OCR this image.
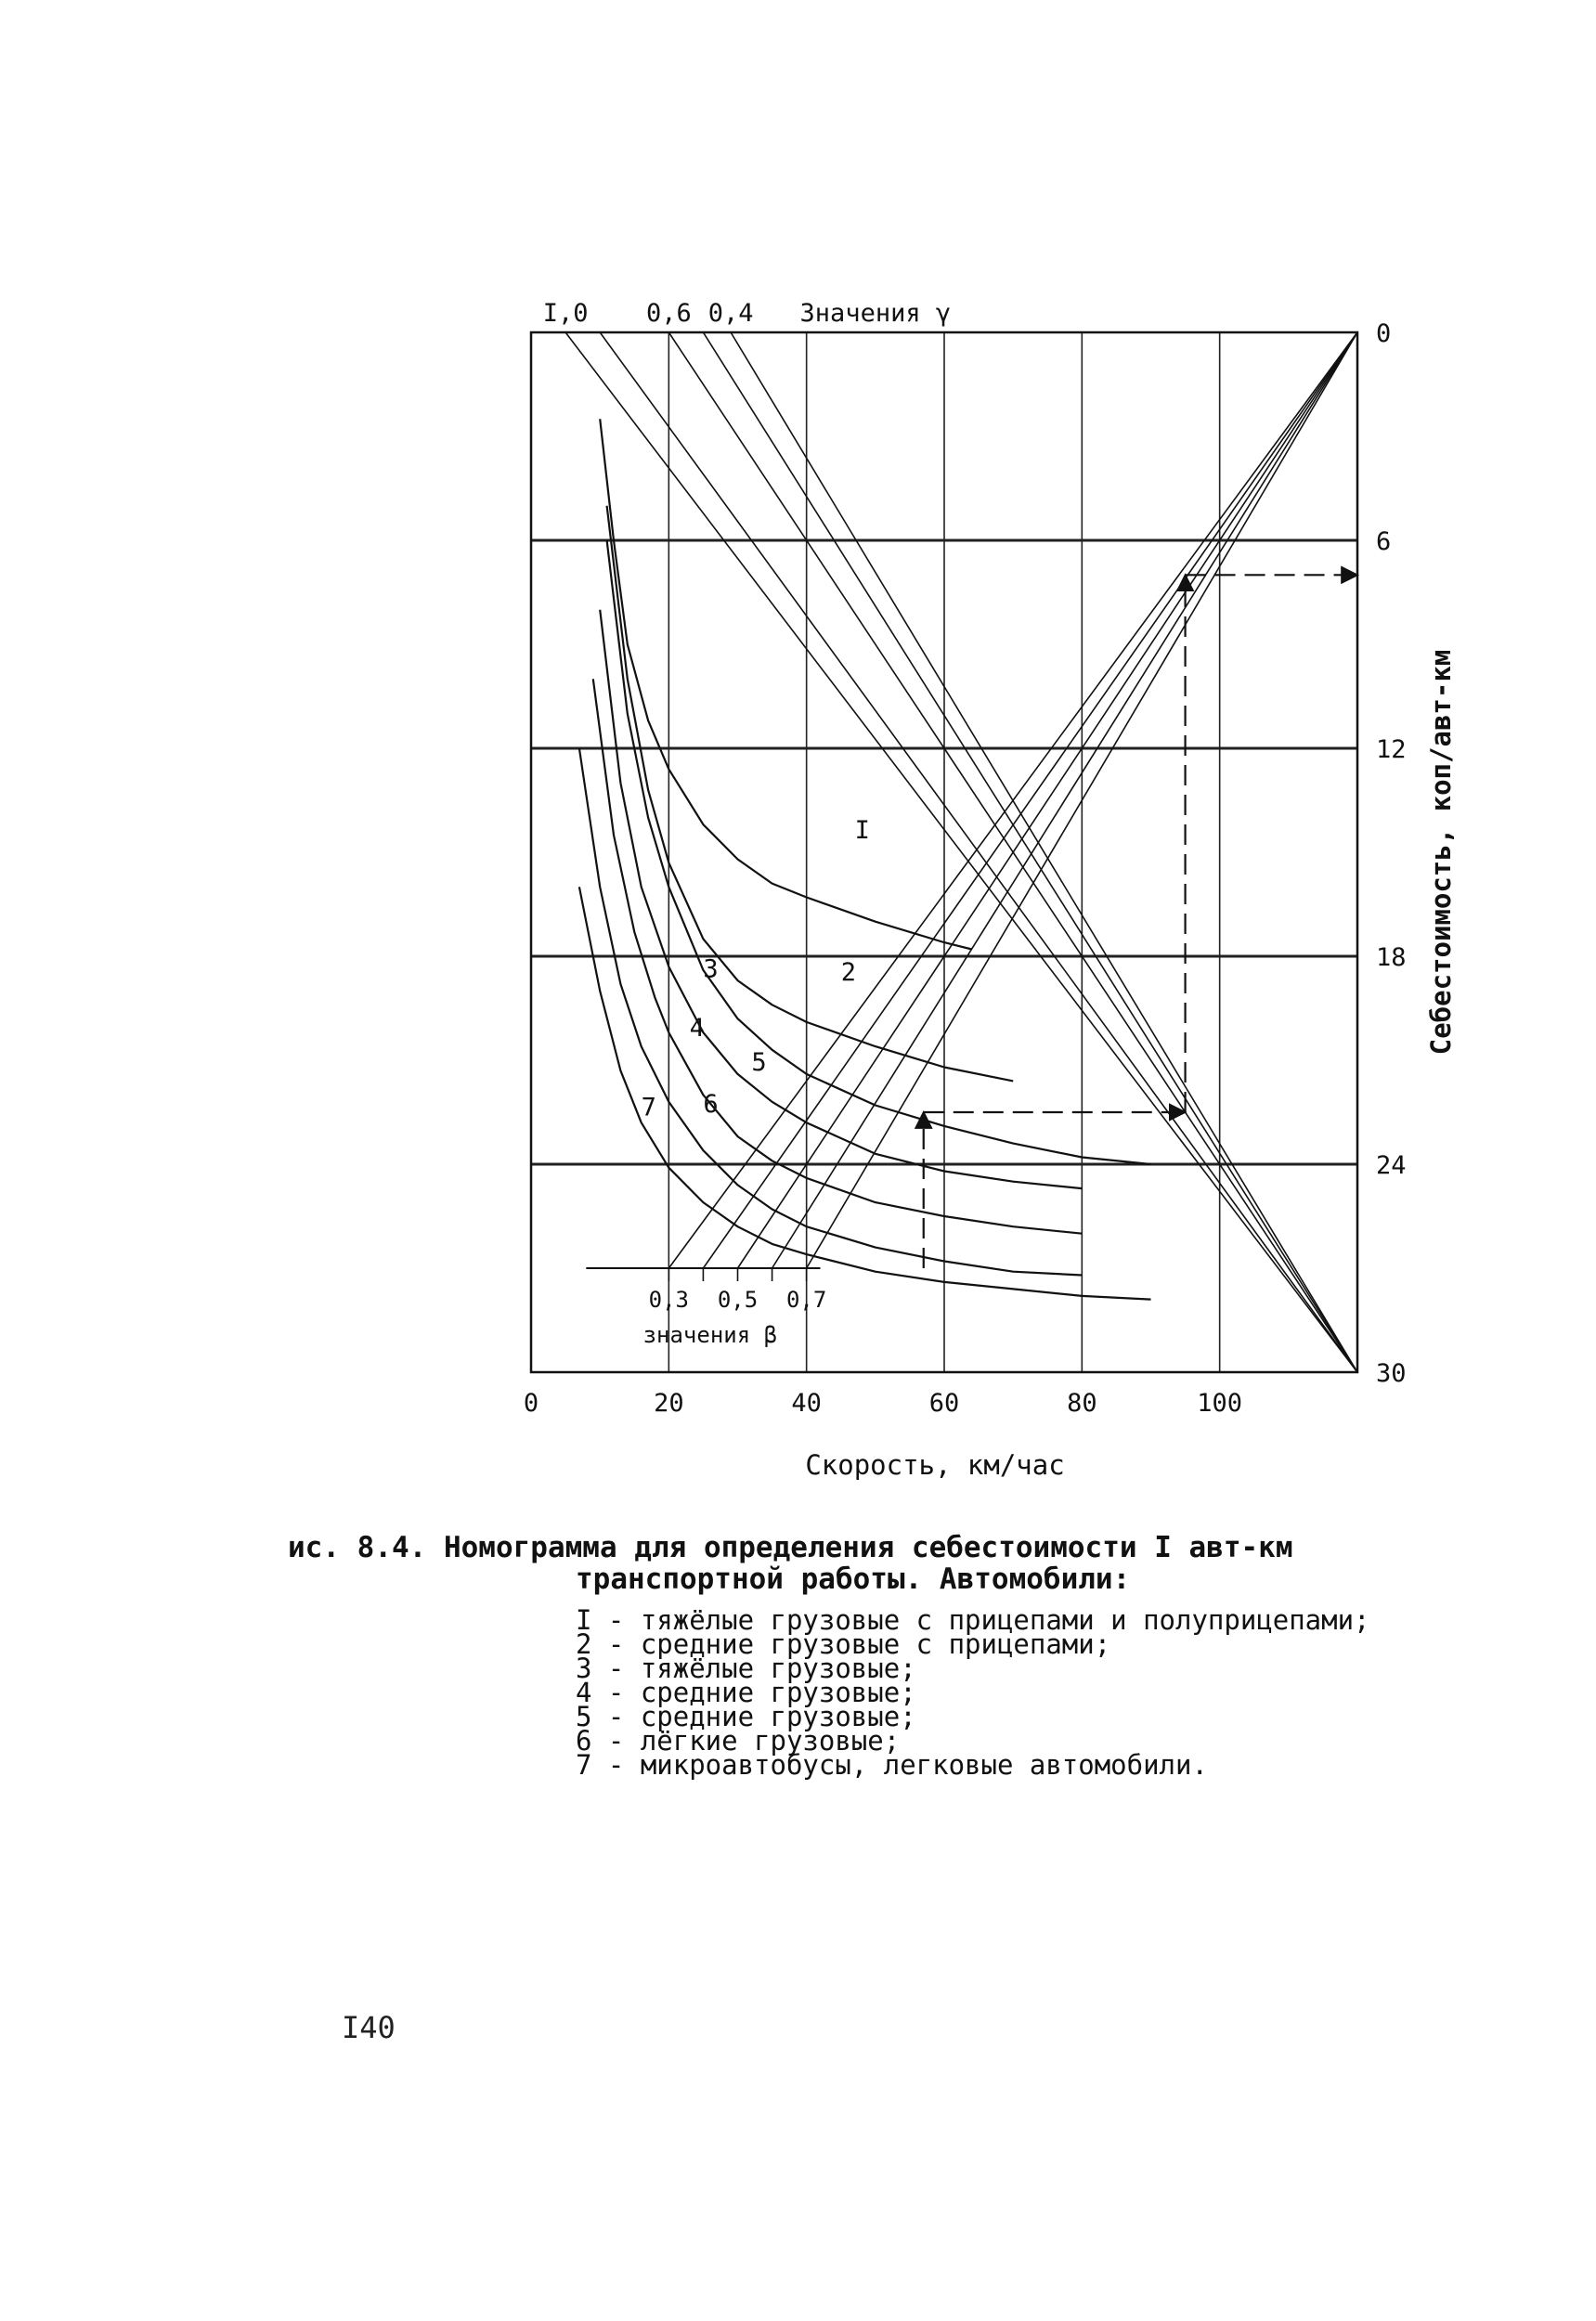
I
2
3
4
5
6
7
0	20	40	60	80	100
0
6
12
18
24
30
Скорость, км/час
Себестоимость, коп/авт-км
I,0 0,6 0,4 Значения γ
0,3 0,5 0,7
значения β
ис. 8.4. Номограмма для определения себестоимости I авт-км
транспортной работы. Автомобили:
I - тяжёлые грузовые с прицепами и полуприцепами;
2 - средние грузовые с прицепами;
3 - тяжёлые грузовые;
4 - средние грузовые;
5 - средние грузовые;
6 - лёгкие грузовые;
7 - микроавтобусы, легковые автомобили.
I40
